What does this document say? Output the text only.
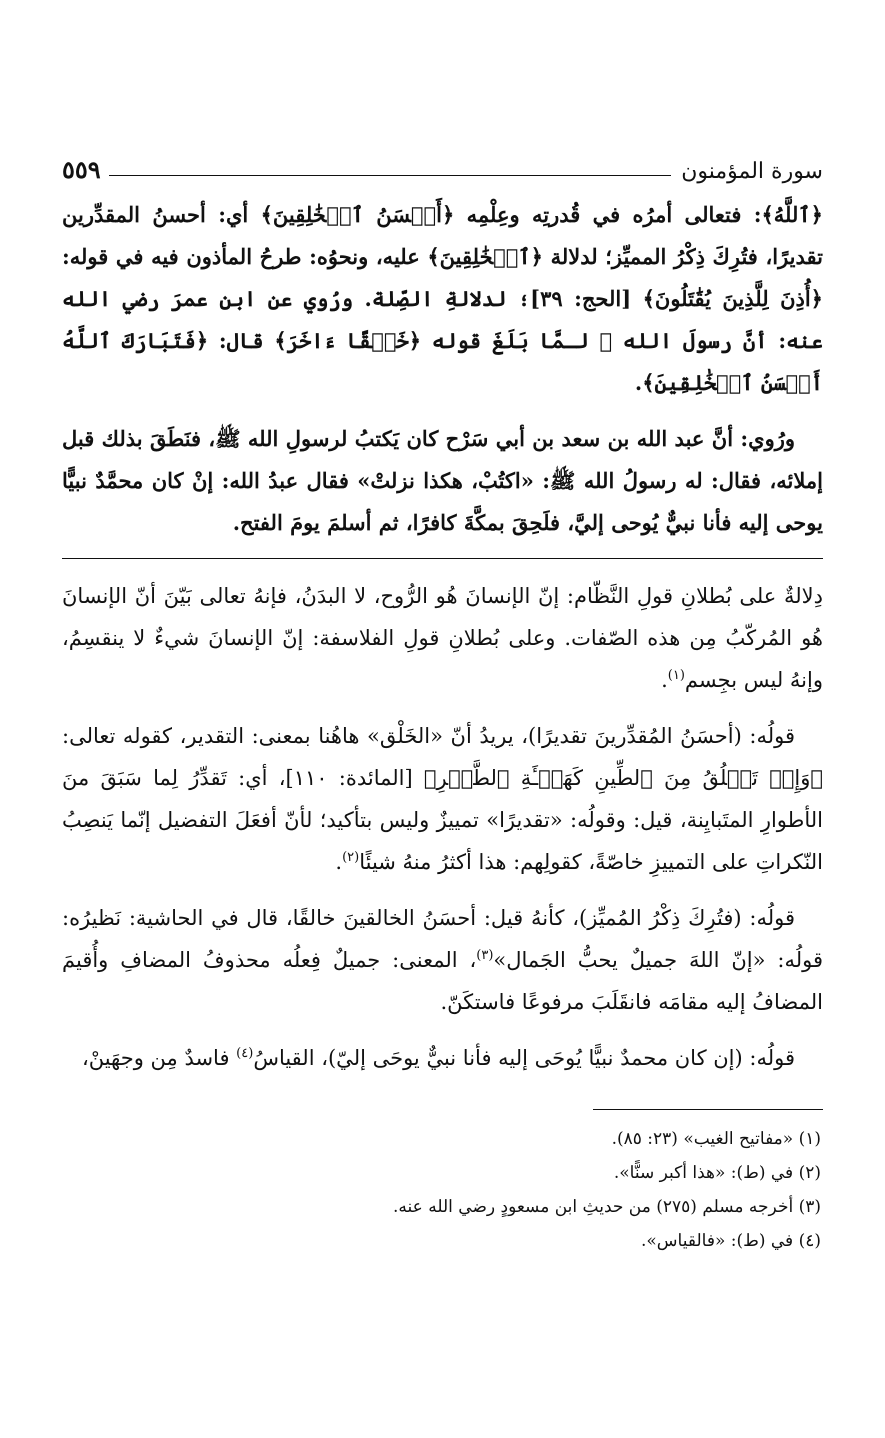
سورة المؤمنون
٥٥٩

﴿ٱللَّهُ﴾: فتعالى أمرُه في قُدرتِه وعِلْمِه ﴿أَحۡسَنُ ٱلۡخَٰلِقِينَ﴾ أي: أحسنُ المقدِّرين تقديرًا، فتُرِكَ ذِكْرُ المميِّز؛ لدلالة ﴿ٱلۡخَٰلِقِينَ﴾ عليه، ونحوُه: طرحُ المأذون فيه في قوله: ﴿أُذِنَ لِلَّذِينَ يُقَٰتَلُونَ﴾ [الحج: ٣٩]؛ لدلالةِ الصِّلة. ورُوي عن ابن عمرَ رضي الله عنه: أنَّ رسولَ الله ﷺ لـمَّا بَلَغَ قوله ﴿خَلۡقًا ءَاخَرَ﴾ قال: ﴿فَتَبَارَكَ ٱللَّهُ أَحۡسَنُ ٱلۡخَٰلِقِينَ﴾.

ورُوي: أنَّ عبد الله بن سعد بن أبي سَرْح كان يَكتبُ لرسولِ الله ﷺ، فنَطَقَ بذلك قبل إملائه، فقال: له رسولُ الله ﷺ: «اكتُبْ، هكذا نزلتْ» فقال عبدُ الله: إنْ كان محمَّدٌ نبيًّا يوحى إليه فأنا نبيٌّ يُوحى إليَّ، فلَحِقَ بمكَّةَ كافرًا، ثم أسلمَ يومَ الفتح.

دِلالةٌ على بُطلانِ قولِ النَّظّام: إنّ الإنسانَ هُو الرُّوح، لا البدَنُ، فإنهُ تعالى بَيّنَ أنّ الإنسانَ هُو المُركّبُ مِن هذه الصّفات. وعلى بُطلانِ قولِ الفلاسفة: إنّ الإنسانَ شيءٌ لا ينقسِمُ، وإنهُ ليس بجِسم$^{(١)}$.

قولُه: (أحسَنُ المُقدِّرينَ تقديرًا)، يريدُ أنّ «الخَلْق» هاهُنا بمعنى: التقدير، كقوله تعالى: ﴿وَإِذۡ تَخۡلُقُ مِنَ ٱلطِّينِ كَهَيۡـَٔةِ ٱلطَّيۡرِ﴾ [المائدة: ١١٠]، أي: تَقدِّرُ لِما سَبَقَ منَ الأطوارِ المتَبايِنة، قيل: وقولُه: «تقديرًا» تمييزٌ وليس بتأكيد؛ لأنّ أفعَلَ التفضيل إنّما يَنصِبُ النّكراتِ على التمييزِ خاصّةً، كقولِهم: هذا أكثرُ منهُ شيئًا$^{(٢)}$.

قولُه: (فتُرِكَ ذِكْرُ المُميِّز)، كأنهُ قيل: أحسَنُ الخالقينَ خالقًا، قال في الحاشية: نَظيرُه: قولُه: «إنّ اللهَ جميلٌ يحبُّ الجَمال»$^{(٣)}$، المعنى: جميلٌ فِعلُه محذوفُ المضافِ وأُقيمَ المضافُ إليه مقامَه فانقَلَبَ مرفوعًا فاستكَنّ.

قولُه: (إن كان محمدٌ نبيًّا يُوحَى إليه فأنا نبيٌّ يوحَى إليّ)، القياسُ$^{(٤)}$ فاسدٌ مِن وجهَينْ،

(١) «مفاتيح الغيب» (٢٣: ٨٥).

(٢) في (ط): «هذا أكبر سنًّا».

(٣) أخرجه مسلم (٢٧٥) من حديثِ ابن مسعودٍ رضي الله عنه.

(٤) في (ط): «فالقياس».
